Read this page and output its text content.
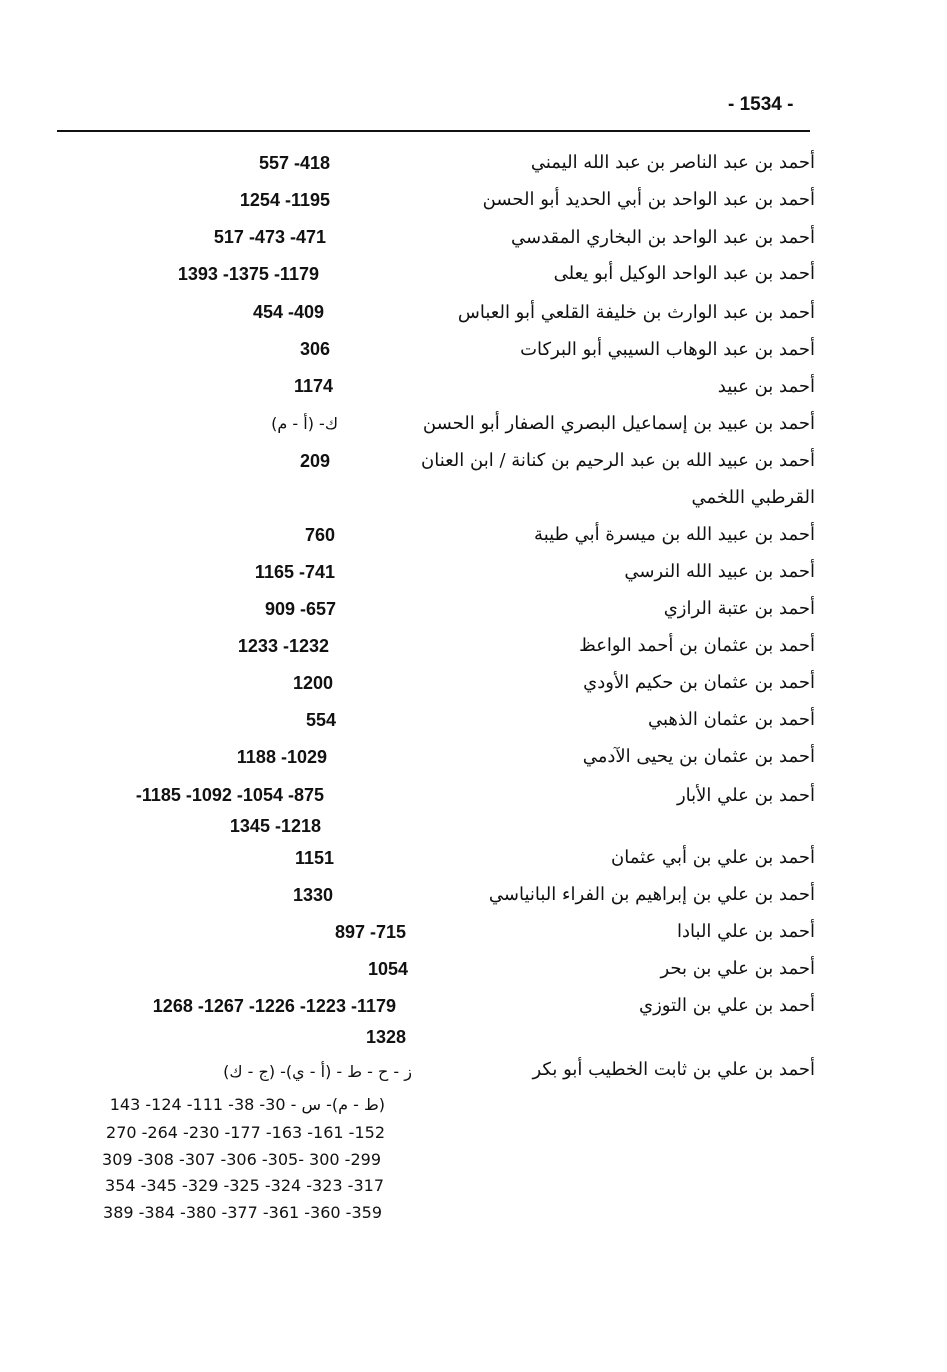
- 1534 -
أحمد بن عبد الناصر بن عبد الله اليمني
557 -418
أحمد بن عبد الواحد بن أبي الحديد أبو الحسن
1254 -1195
أحمد بن عبد الواحد بن البخاري المقدسي
517 -473 -471
أحمد بن عبد الواحد الوكيل أبو يعلى
1393 -1375 -1179
أحمد بن عبد الوارث بن خليفة القلعي أبو العباس
454 -409
أحمد بن عبد الوهاب السيبي أبو البركات
306
أحمد بن عبيد
1174
أحمد بن عبيد بن إسماعيل البصري الصفار أبو الحسن
ك- (أ - م)
أحمد بن عبيد الله بن عبد الرحيم بن كنانة / ابن العنان
القرطبي اللخمي
209
أحمد بن عبيد الله بن ميسرة أبي طيبة
760
أحمد بن عبيد الله النرسي
1165 -741
أحمد بن عتبة الرازي
909 -657
أحمد بن عثمان بن أحمد الواعظ
1233 -1232
أحمد بن عثمان بن حكيم الأودي
1200
أحمد بن عثمان الذهبي
554
أحمد بن عثمان بن يحيى الآدمي
1188 -1029
أحمد بن علي الأبار
-1185 -1092 -1054 -875
1345 -1218
أحمد بن علي بن أبي عثمان
1151
أحمد بن علي بن إبراهيم بن الفراء البانياسي
1330
أحمد بن علي البادا
897 -715
أحمد بن علي بن بحر
1054
أحمد بن علي بن التوزي
1268 -1267 -1226 -1223 -1179
1328
أحمد بن علي بن ثابت الخطيب أبو بكر
ز - ح - ط - (أ - ي)- (ج - ك)
(ط - م)- س - 30- 38- 111- 124- 143
152- 161- 163- 177- 230- 264- 270
299- 300 -305- 306- 307- 308- 309
317- 323- 324- 325- 329- 345- 354
359- 360- 361- 377- 380- 384- 389
